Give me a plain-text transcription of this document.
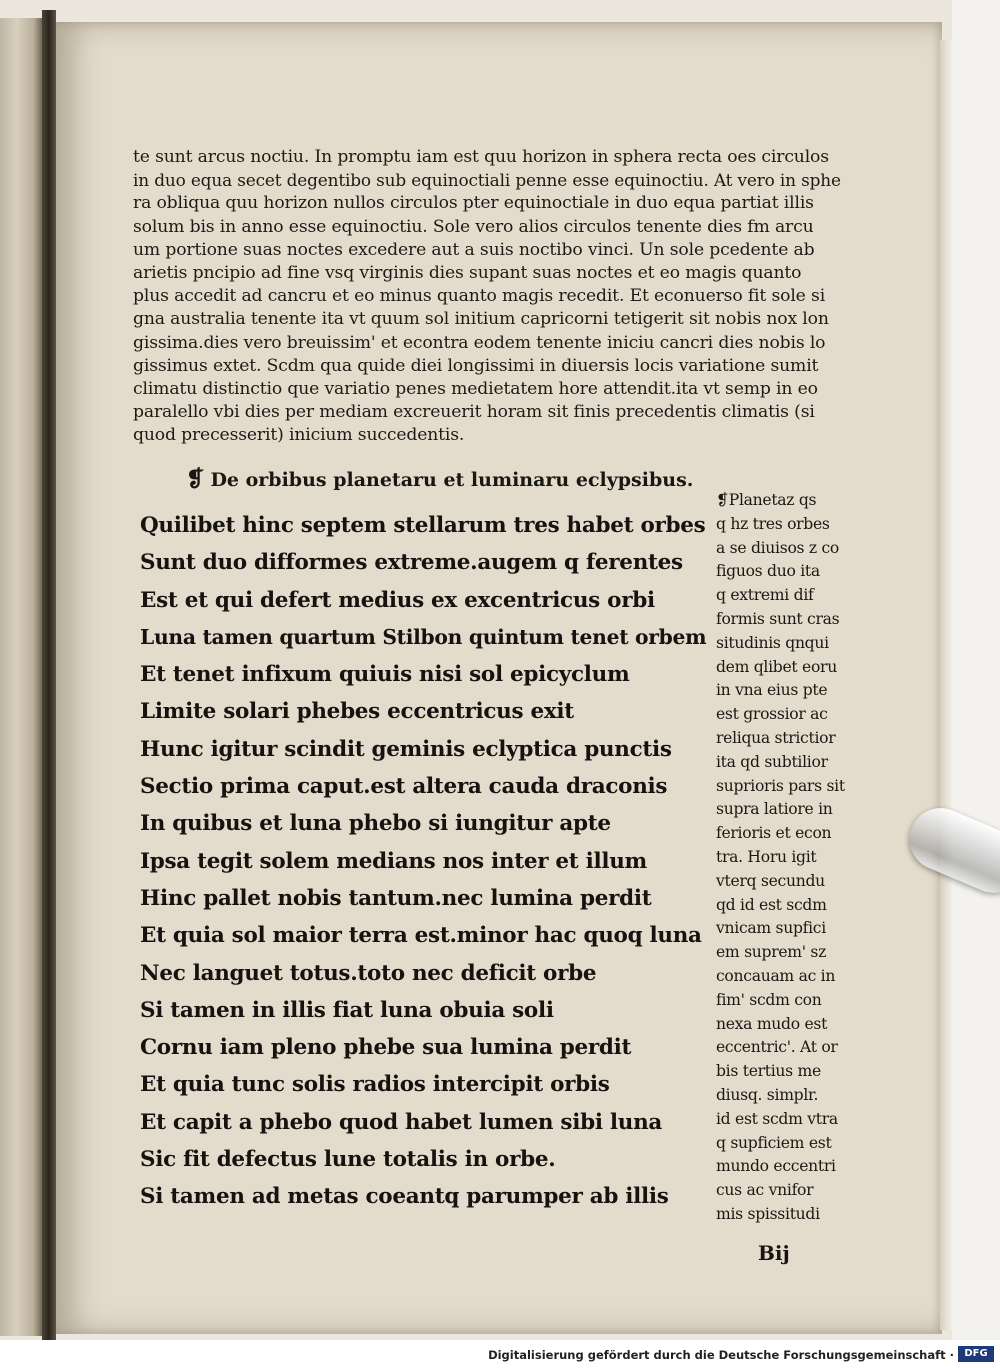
te sunt arcus noctiu. In promptu iam est quu horizon in sphera recta oes circulos
in duo equa secet degentibo sub equinoctiali penne esse equinoctiu. At vero in sphe
ra obliqua quu horizon nullos circulos pter equinoctiale in duo equa partiat illis
solum bis in anno esse equinoctiu. Sole vero alios circulos tenente dies fm arcu
um portione suas noctes excedere aut a suis noctibo vinci. Un sole pcedente ab
arietis pncipio ad fine vsq virginis dies supant suas noctes et eo magis quanto
plus accedit ad cancru et eo minus quanto magis recedit. Et econuerso fit sole si
gna australia tenente ita vt quum sol initium capricorni tetigerit sit nobis nox lon
gissima.dies vero breuissim' et econtra eodem tenente iniciu cancri dies nobis lo
gissimus extet. Scdm qua quide diei longissimi in diuersis locis variatione sumit
climatu distinctio que variatio penes medietatem hore attendit.ita vt semp in eo
paralello vbi dies per mediam excreuerit horam sit finis precedentis climatis (si
quod precesserit) inicium succedentis.
❡ De orbibus planetaru et luminaru eclypsibus.
Quilibet hinc septem stellarum tres habet orbes
Sunt duo difformes extreme.augem q ferentes
Est et qui defert medius ex excentricus orbi
Luna tamen quartum Stilbon quintum tenet orbem
Et tenet infixum quiuis nisi sol epicyclum
Limite solari phebes eccentricus exit
Hunc igitur scindit geminis eclyptica punctis
Sectio prima caput.est altera cauda draconis
In quibus et luna phebo si iungitur apte
Ipsa tegit solem medians nos inter et illum
Hinc pallet nobis tantum.nec lumina perdit
Et quia sol maior terra est.minor hac quoq luna
Nec languet totus.toto nec deficit orbe
Si tamen in illis fiat luna obuia soli
Cornu iam pleno phebe sua lumina perdit
Et quia tunc solis radios intercipit orbis
Et capit a phebo quod habet lumen sibi luna
Sic fit defectus lune totalis in orbe.
Si tamen ad metas coeantq parumper ab illis
❡Planetaz qs
q hz tres orbes
a se diuisos z co
figuos duo ita
q extremi dif
formis sunt cras
situdinis qnqui
dem qlibet eoru
in vna eius pte
est grossior ac
reliqua strictior
ita qd subtilior
suprioris pars sit
supra latiore in
ferioris et econ
tra. Horu igit
vterq secundu
qd id est scdm
vnicam supfici
em suprem' sz
concauam ac in
fim' scdm con
nexa mudo est
eccentric'. At or
bis tertius me
diusq. simplr.
id est scdm vtra
q supficiem est
mundo eccentri
cus ac vnifor
mis spissitudi
Bij
Digitalisierung gefördert durch die Deutsche Forschungsgemeinschaft ·	DFG
